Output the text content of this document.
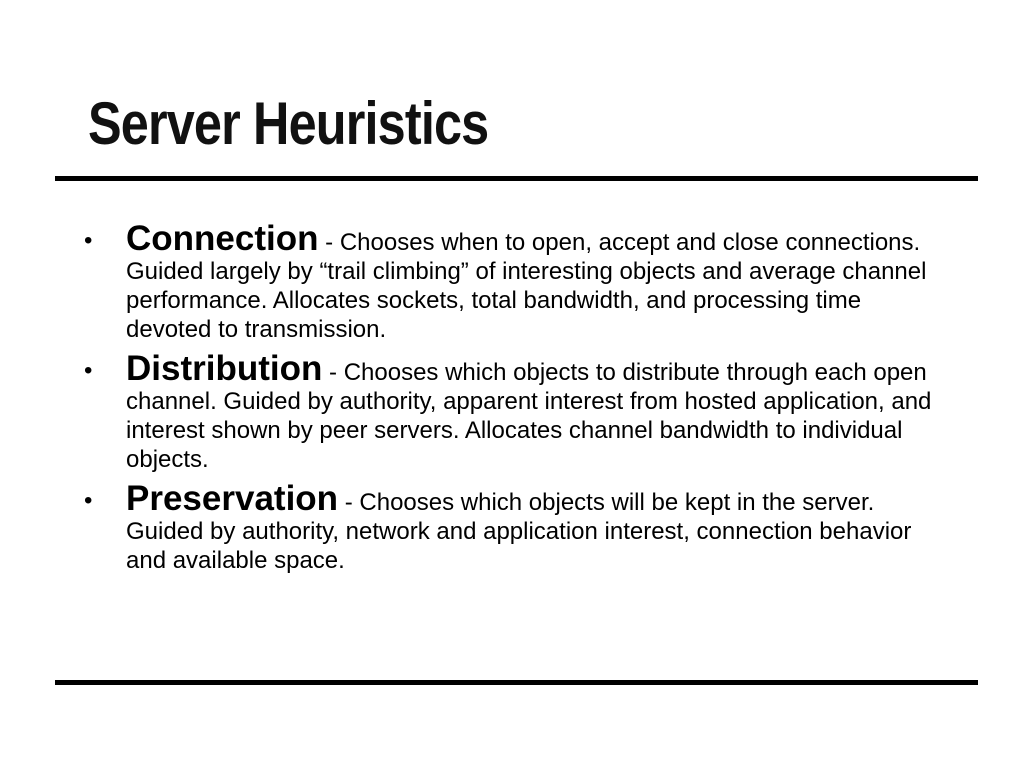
Server Heuristics
• Connection - Chooses when to open, accept and close connections. Guided largely by “trail climbing” of interesting objects and average channel performance. Allocates sockets, total bandwidth, and processing time devoted to transmission.
• Distribution - Chooses which objects to distribute through each open channel. Guided by authority, apparent interest from hosted application, and interest shown by peer servers. Allocates channel bandwidth to individual objects.
• Preservation - Chooses which objects will be kept in the server. Guided by authority, network and application interest, connection behavior and available space.
